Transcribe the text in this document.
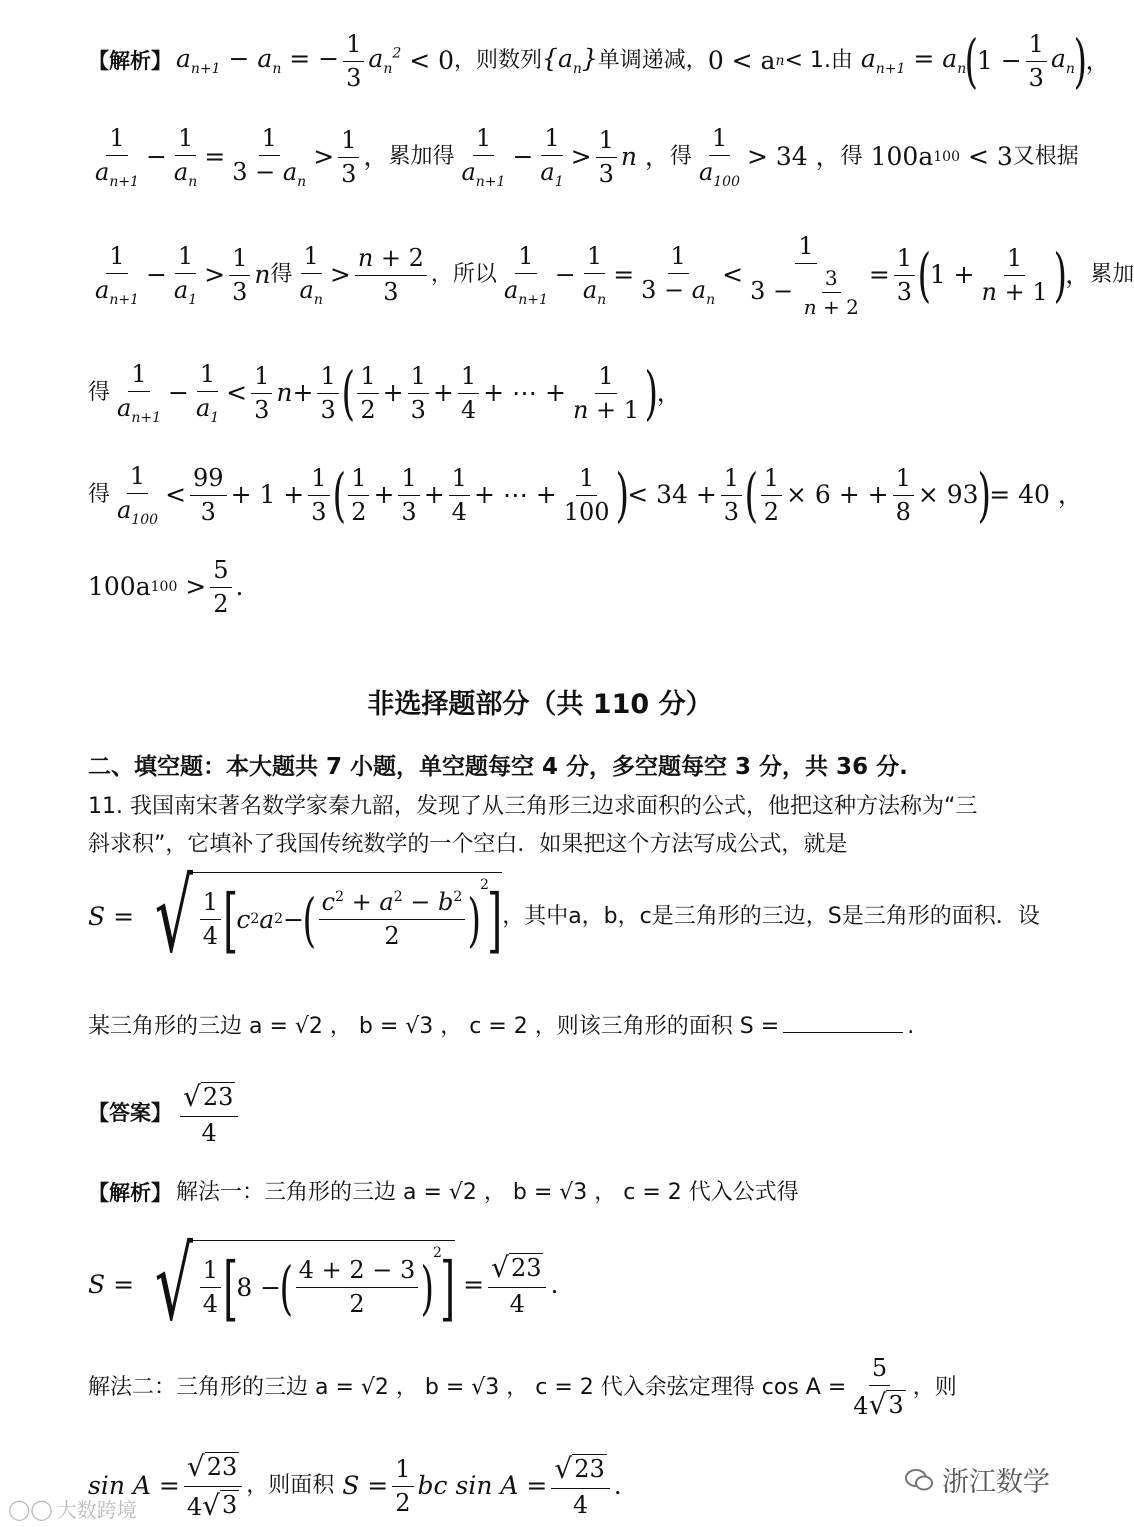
【解析】 $a_{n+1} - a_n$ = − $\frac{1}{3} a_n^2 < 0$ ，则数列 $\{a_n\}$ 单调递减， 0 < a n < 1.由 $a_{n+1} = a_n$
(
$1 - \frac{1}{3} a_n$
)
，
$\frac{1}{a_{n+1}} - \frac{1}{a_n} = \frac{1}{3 - a_n} > \frac{1}{3}$ ， 累加得 $\frac{1}{a_{n+1}} - \frac{1}{a_1} > \frac{1}{3}$ n ， 得 $\frac{1}{a_{100}} > 34$ ， 得
100a 100
< 3 又根据
$\frac{1}{a_{n+1}} - \frac{1}{a_1} > \frac{1}{3}$ n 得 $\frac{1}{a_n} > \frac{n + 2}{3}$ ，所以 $\frac{1}{a_{n+1}} - \frac{1}{a_n} = \frac{1}{3 - a_n} < \frac{1}{3 - \frac{3}{n + 2}} = \frac{1}{3}$ (
$1 + \frac{1}{n + 1}$ )
， 累加
得 $\frac{1}{a_{n+1}} - \frac{1}{a_1} < \frac{1}{3}$ $n + \frac{1}{3}$ ( $\frac{1}{2} + \frac{1}{3} + \frac{1}{4}$ + ⋯ + $\frac{1}{n + 1}$ )
，
得 $\frac{1}{a_{100}} < \frac{99}{3} + 1 + \frac{1}{3}$ ( $\frac{1}{2} + \frac{1}{3} + \frac{1}{4}$ + ⋯ + $\frac{1}{100}$ )
< $34 + \frac{1}{3}$ ( $\frac{1}{2} \times 6$ + + $\frac{1}{8} \times 93$
)
= 40 ，
100a $100 > \frac{5}{2}$ .
非选择题部分（共 110 分）
二、填空题：本大题共 7 小题，单空题每空 4 分，多空题每空 3 分，共 36 分.
11. 我国南宋著名数学家秦九韶，发现了从三角形三边求面积的公式，他把这种方法称为“三
斜求积”，它填补了我国传统数学的一个空白．如果把这个方法写成公式，就是
S = √ $\frac{1}{4}$ [
c 2 a 2 −
( $\frac{c^2 + a^2 - b^2}{2}$ )
2
] ，其中a，b，c是三角形的三边，S是三角形的面积．设
某三角形的三边 a = √2 ， b = √3 ， c = 2 ，则该三角形的面积 S =	.
【答案】 $\frac{√ 23}{4}$
【解析】 解法一：三角形的三边 a = √2 ， b = √3 ， c = 2 代入公式得
S = √ $\frac{1}{4}$ [
8 −
( $\frac{4 + 2 - 3}{2}$ )
2
] = $\frac{√ 23}{4}$ .
解法二：三角形的三边 a = √2 ， b = √3 ， c = 2 代入余弦定理得 $\cos A = \frac{5}{4 √ 3}$ ，则
$\sin A = \frac{√ 23}{4 √ 3}$ ，则面积
$S = \frac{1}{2}$ bc $\sin A = \frac{√ 23}{4}$ .
◯◯ 大数跨境
浙江数学
